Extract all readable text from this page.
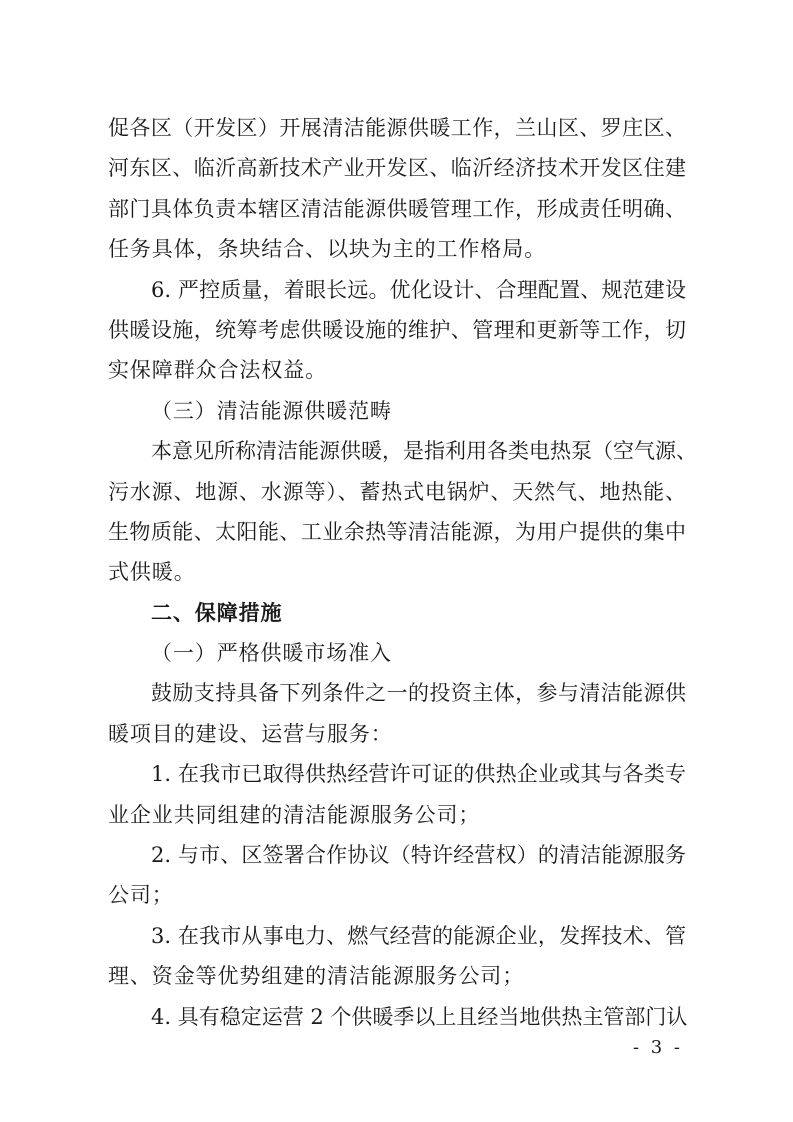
促各区（开发区）开展清洁能源供暖工作，兰山区、罗庄区、
河东区、临沂高新技术产业开发区、临沂经济技术开发区住建
部门具体负责本辖区清洁能源供暖管理工作，形成责任明确、
任务具体，条块结合、以块为主的工作格局。
6. 严控质量，着眼长远。优化设计、合理配置、规范建设
供暖设施，统筹考虑供暖设施的维护、管理和更新等工作，切
实保障群众合法权益。
（三）清洁能源供暖范畴
本意见所称清洁能源供暖，是指利用各类电热泵（空气源、
污水源、地源、水源等）、蓄热式电锅炉、天然气、地热能、
生物质能、太阳能、工业余热等清洁能源，为用户提供的集中
式供暖。
二、保障措施
（一）严格供暖市场准入
鼓励支持具备下列条件之一的投资主体，参与清洁能源供
暖项目的建设、运营与服务：
1. 在我市已取得供热经营许可证的供热企业或其与各类专
业企业共同组建的清洁能源服务公司；
2. 与市、区签署合作协议（特许经营权）的清洁能源服务
公司；
3. 在我市从事电力、燃气经营的能源企业，发挥技术、管
理、资金等优势组建的清洁能源服务公司；
4. 具有稳定运营 2 个供暖季以上且经当地供热主管部门认
- 3 -
